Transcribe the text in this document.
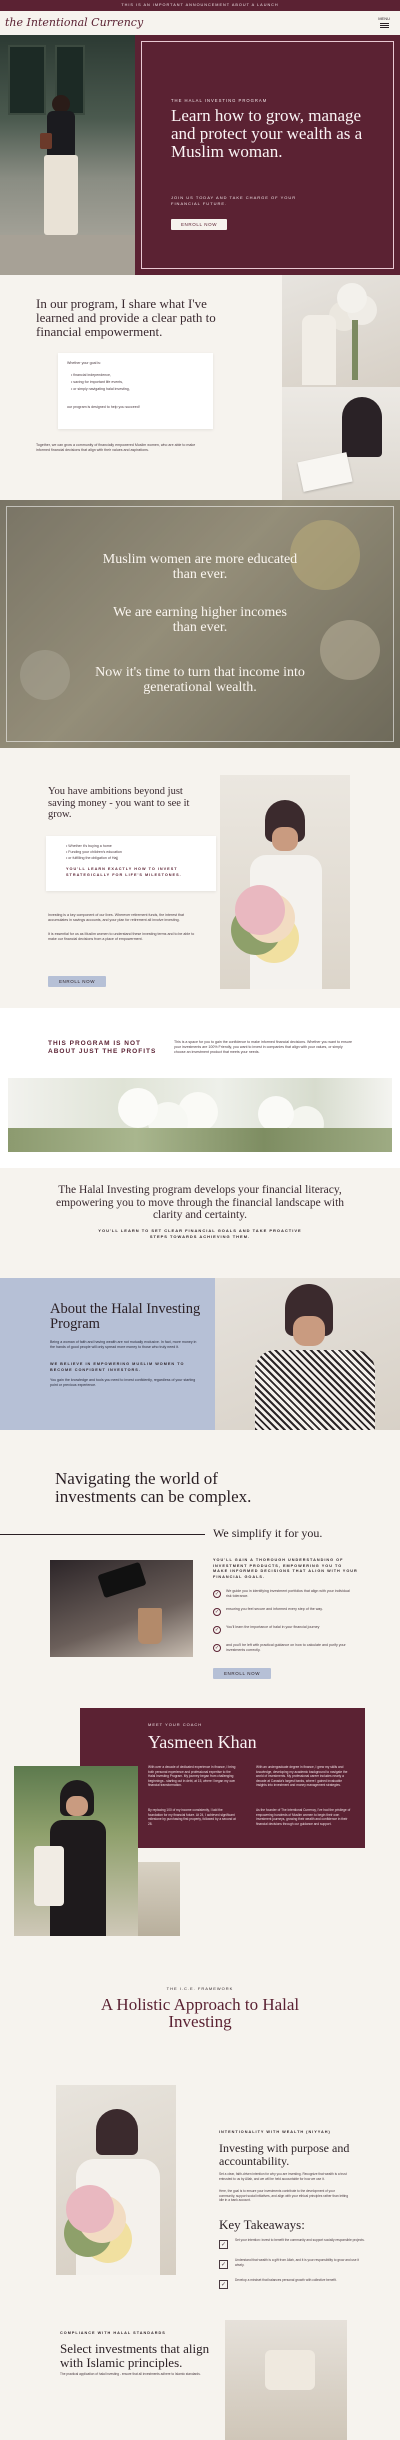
THIS IS AN IMPORTANT ANNOUNCEMENT ABOUT A LAUNCH
the Intentional Currency	MENU
THE HALAL INVESTING PROGRAM
Learn how to grow, manage and protect your wealth as a Muslim woman.
JOIN US TODAY AND TAKE CHARGE OF YOUR FINANCIAL FUTURE.
ENROLL NOW
In our program, I share what I've learned and provide a clear path to financial empowerment.
Whether your goal is:
• financial independence,
• saving for important life events,
• or simply navigating halal investing,
our program is designed to help you succeed!
Together, we can grow a community of financially empowered Muslim women, who are able to make informed financial decisions that align with their values and aspirations.
Muslim women are more educated than ever.
We are earning higher incomes than ever.
Now it's time to turn that income into generational wealth.
You have ambitions beyond just saving money - you want to see it grow.
• Whether it's buying a home
• Funding your children's education
• or fulfilling the obligation of Hajj
YOU'LL LEARN EXACTLY HOW TO INVEST STRATEGICALLY FOR LIFE'S MILESTONES.
Investing is a key component of our lives. Wherever retirement funds, the interest that accumulates in savings accounts, and your plan for retirement all involve investing.
It is essential for us as Muslim women to understand these investing terms and to be able to make our financial decisions from a place of empowerment.
ENROLL NOW
THIS PROGRAM IS NOT ABOUT JUST THE PROFITS
This is a space for you to gain the confidence to make informed financial decisions. Whether you want to ensure your investments are 100% Friendly, you want to invest in companies that align with your values, or simply choose an investment product that meets your needs.
The Halal Investing program develops your financial literacy, empowering you to move through the financial landscape with clarity and certainty.
YOU'LL LEARN TO SET CLEAR FINANCIAL GOALS AND TAKE PROACTIVE STEPS TOWARDS ACHIEVING THEM.
About the Halal Investing Program
Being a woman of faith and having wealth are not mutually exclusive. In fact, more money in the hands of good people will only spread more money to those who truly need it.
WE BELIEVE IN EMPOWERING MUSLIM WOMEN TO BECOME CONFIDENT INVESTORS.
You gain the knowledge and tools you need to invest confidently, regardless of your starting point or previous experience.
Navigating the world of investments can be complex.
We simplify it for you.
YOU'LL GAIN A THOROUGH UNDERSTANDING OF INVESTMENT PRODUCTS, EMPOWERING YOU TO MAKE INFORMED DECISIONS THAT ALIGN WITH YOUR FINANCIAL GOALS.
✓	We guide you in identifying investment portfolios that align with your individual risk tolerance.
✓	ensuring you feel secure and informed every step of the way.
✓	You'll learn the importance of halal in your financial journey
✓	and you'll be left with practical guidance on how to calculate and purify your investments correctly.
ENROLL NOW
MEET YOUR COACH
Yasmeen Khan
With over a decade of dedicated experience in finance, I bring both personal experience and professional expertise to the Halal Investing Program. My journey began from challenging beginnings - starting out in debt, at 15, where I began my own financial transformation.
By replacing 100 of my income consistently, I laid the foundation for my financial future. At 24, I achieved significant milestone by purchasing first property, followed by a second at 28.
With an undergraduate degree in finance, I grew my skills and knowledge, developing my academic background to navigate the world of investments. My professional career includes nearly a decade at Canada's largest banks, where I gained invaluable insights into investment and money management strategies.
As the founder of The Intentional Currency, I've had the privilege of empowering hundreds of Muslim women to begin their own investment journeys, growing their wealth and confidence in their financial decisions through our guidance and support.
THE I.C.E. FRAMEWORK
A Holistic Approach to Halal Investing
INTENTIONALITY WITH WEALTH (NIYYAH)
Investing with purpose and accountability.
Set a clear, faith-driven intention for why you are investing. Recognize that wealth is a trust entrusted to us by Allah, and we will be held accountable for how we use it.
Here, the goal is to ensure your investments contribute to the development of your community, support social initiatives, and align with your ethical principles rather than letting idle in a bank account.
Key Takeaways:
✓
Set your intention: invest to benefit the community and support socially responsible projects.
✓
Understand that wealth is a gift from Allah, and it is your responsibility to grow and use it wisely.
✓
Develop a mindset that balances personal growth with collective benefit.
COMPLIANCE WITH HALAL STANDARDS
Select investments that align with Islamic principles.
The practical application of halal investing - ensure that all investments adhere to Islamic standards.
